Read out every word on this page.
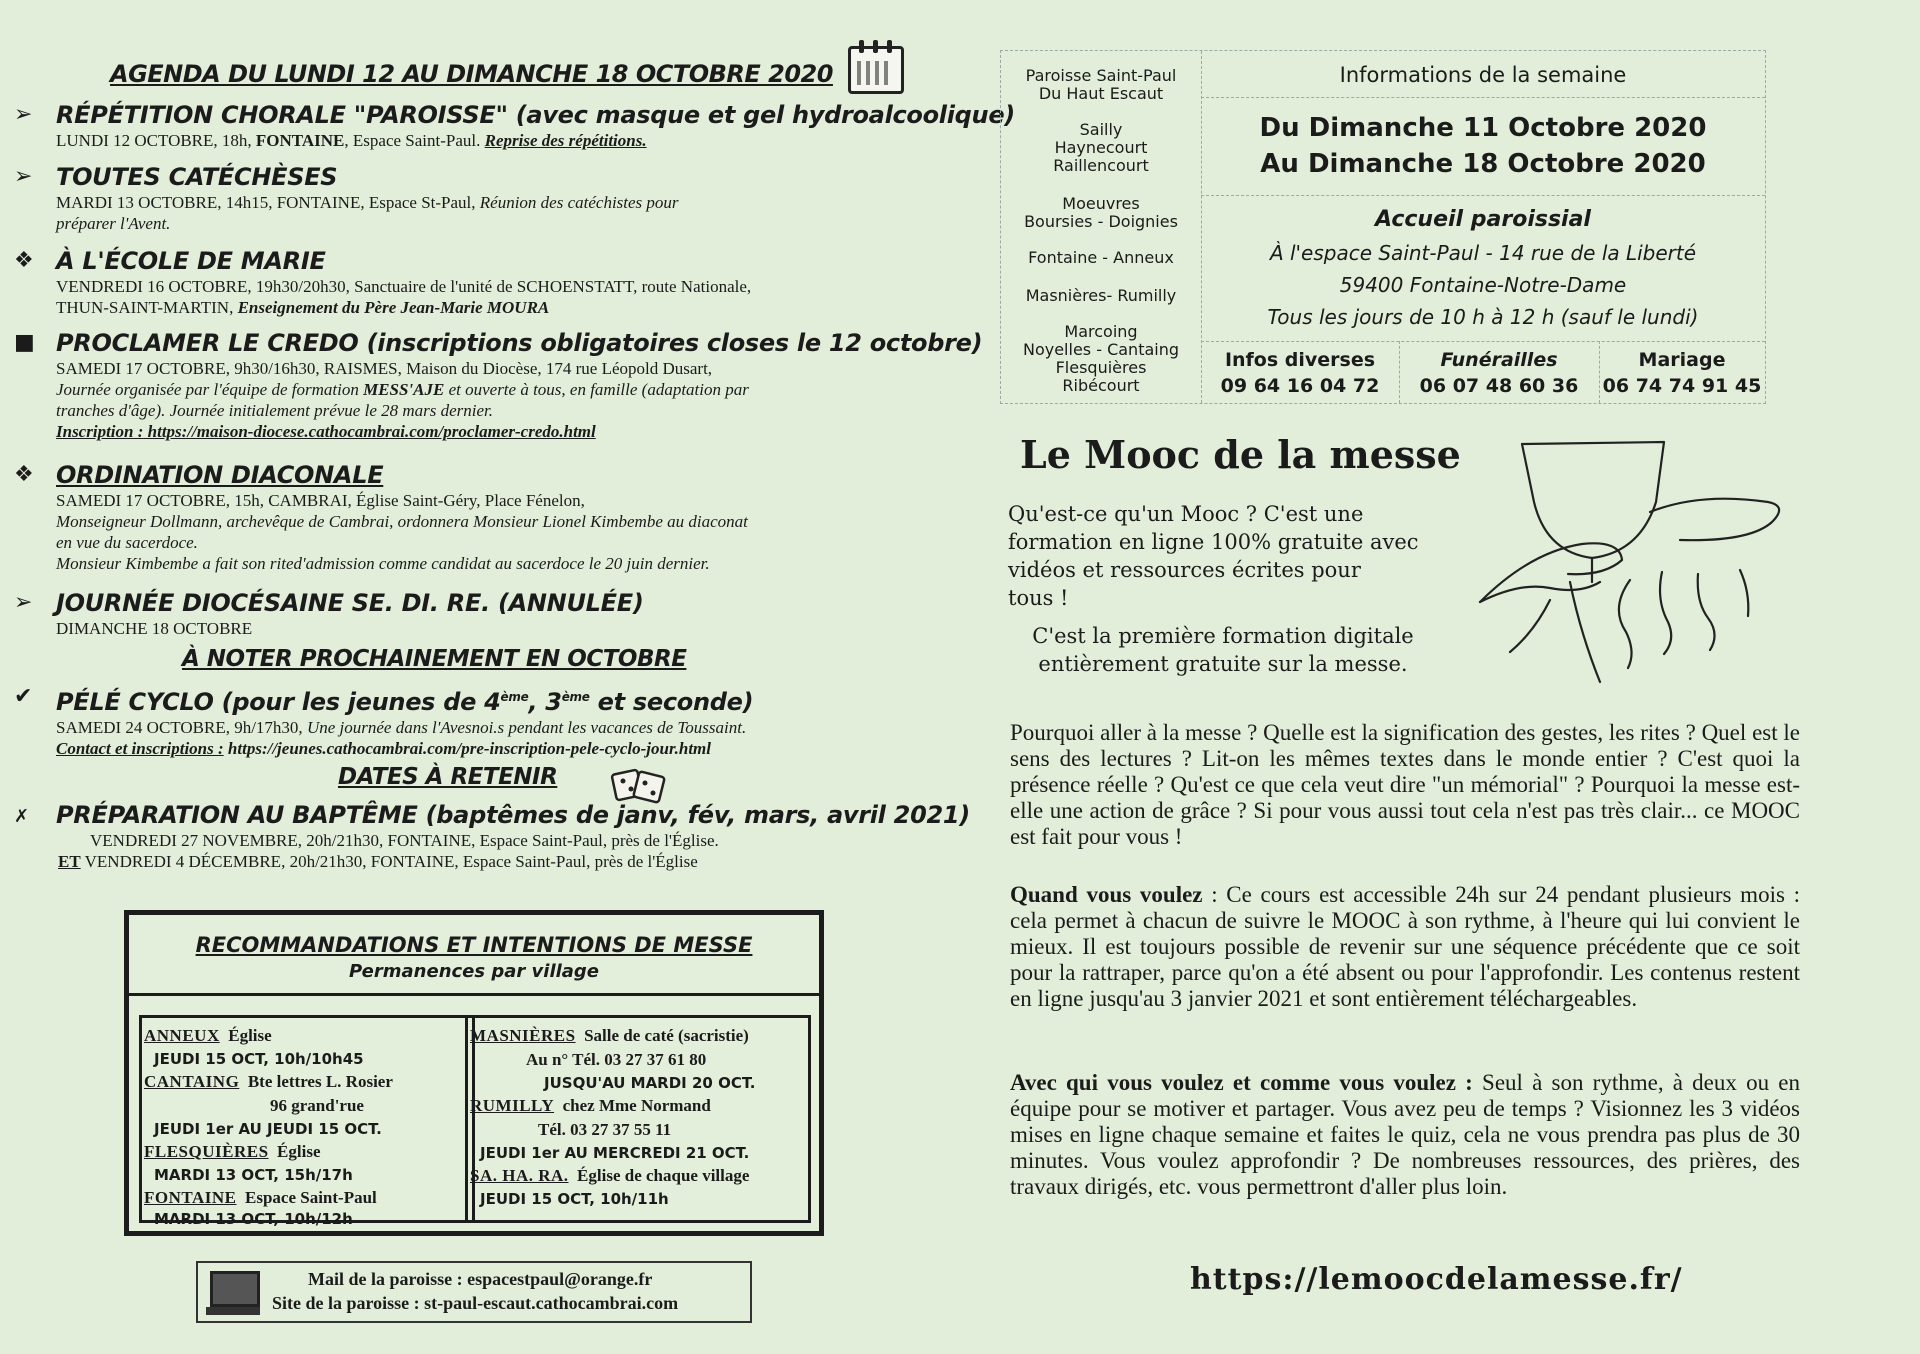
AGENDA DU LUNDI 12 AU DIMANCHE 18 OCTOBRE 2020
➢ RÉPÉTITION CHORALE "PAROISSE" (avec masque et gel hydroalcoolique)
LUNDI 12 OCTOBRE, 18h, FONTAINE, Espace Saint-Paul. Reprise des répétitions.
➢ TOUTES CATÉCHÈSES
MARDI 13 OCTOBRE, 14h15, FONTAINE, Espace St-Paul, Réunion des catéchistes pour
préparer l'Avent.
❖ À L'ÉCOLE DE MARIE
VENDREDI 16 OCTOBRE, 19h30/20h30, Sanctuaire de l'unité de SCHOENSTATT, route Nationale,
THUN-SAINT-MARTIN, Enseignement du Père Jean-Marie MOURA
■ PROCLAMER LE CREDO (inscriptions obligatoires closes le 12 octobre)
SAMEDI 17 OCTOBRE, 9h30/16h30, RAISMES, Maison du Diocèse, 174 rue Léopold Dusart,
Journée organisée par l'équipe de formation MESS'AJE et ouverte à tous, en famille (adaptation par
tranches d'âge). Journée initialement prévue le 28 mars dernier.
Inscription : https://maison-diocese.cathocambrai.com/proclamer-credo.html
❖ ORDINATION DIACONALE
SAMEDI 17 OCTOBRE, 15h, CAMBRAI, Église Saint-Géry, Place Fénelon,
Monseigneur Dollmann, archevêque de Cambrai, ordonnera Monsieur Lionel Kimbembe au diaconat
en vue du sacerdoce.
Monsieur Kimbembe a fait son rited'admission comme candidat au sacerdoce le 20 juin dernier.
➢ JOURNÉE DIOCÉSAINE SE. DI. RE. (ANNULÉE)
DIMANCHE 18 OCTOBRE
À NOTER PROCHAINEMENT EN OCTOBRE
✔ PÉLÉ CYCLO (pour les jeunes de 4ème, 3ème et seconde)
SAMEDI 24 OCTOBRE, 9h/17h30, Une journée dans l'Avesnoi.s pendant les vacances de Toussaint.
Contact et inscriptions : https://jeunes.cathocambrai.com/pre-inscription-pele-cyclo-jour.html
DATES À RETENIR
✗	PRÉPARATION AU BAPTÊME (baptêmes de janv, fév, mars, avril 2021)
VENDREDI 27 NOVEMBRE, 20h/21h30, FONTAINE, Espace Saint-Paul, près de l'Église.
ET VENDREDI 4 DÉCEMBRE, 20h/21h30, FONTAINE, Espace Saint-Paul, près de l'Église
RECOMMANDATIONS ET INTENTIONS DE MESSE
Permanences par village
ANNEUX Église
JEUDI 15 OCT, 10h/10h45
CANTAING Bte lettres L. Rosier
96 grand'rue
JEUDI 1er AU JEUDI 15 OCT.
FLESQUIÈRES Église
MARDI 13 OCT, 15h/17h
FONTAINE Espace Saint-Paul
MARDI 13 OCT, 10h/12h
MASNIÈRES Salle de caté (sacristie)
Au n° Tél. 03 27 37 61 80
JUSQU'AU MARDI 20 OCT.
RUMILLY chez Mme Normand
Tél. 03 27 37 55 11
JEUDI 1er AU MERCREDI 21 OCT.
SA. HA. RA. Église de chaque village
JEUDI 15 OCT, 10h/11h
Mail de la paroisse : espacestpaul@orange.fr
Site de la paroisse : st-paul-escaut.cathocambrai.com
Paroisse Saint-Paul
Du Haut Escaut
Sailly
Haynecourt
Raillencourt
Moeuvres
Boursies - Doignies
Fontaine - Anneux
Masnières- Rumilly
Marcoing
Noyelles - Cantaing
Flesquières
Ribécourt
Informations de la semaine
Du Dimanche 11 Octobre 2020
Au Dimanche 18 Octobre 2020
Accueil paroissial
À l'espace Saint-Paul - 14 rue de la Liberté
59400 Fontaine-Notre-Dame
Tous les jours de 10 h à 12 h (sauf le lundi)
Infos diverses
09 64 16 04 72
Funérailles
06 07 48 60 36
Mariage
06 74 74 91 45
Le Mooc de la messe
Qu'est-ce qu'un Mooc ? C'est une
formation en ligne 100% gratuite avec
vidéos et ressources écrites pour
tous !
C'est la première formation digitale
entièrement gratuite sur la messe.
Pourquoi aller à la messe ? Quelle est la signification des gestes, les rites ? Quel est le sens des lectures ? Lit-on les mêmes textes dans le monde entier ? C'est quoi la présence réelle ? Qu'est ce que cela veut dire "un mémorial" ? Pourquoi la messe est-elle une action de grâce ? Si pour vous aussi tout cela n'est pas très clair... ce MOOC est fait pour vous !
Quand vous voulez : Ce cours est accessible 24h sur 24 pendant plusieurs mois : cela permet à chacun de suivre le MOOC à son rythme, à l'heure qui lui convient le mieux. Il est toujours possible de revenir sur une séquence précédente que ce soit pour la rattraper, parce qu'on a été absent ou pour l'approfondir. Les contenus restent en ligne jusqu'au 3 janvier 2021 et sont entièrement téléchargeables.
Avec qui vous voulez et comme vous voulez : Seul à son rythme, à deux ou en équipe pour se motiver et partager. Vous avez peu de temps ? Visionnez les 3 vidéos mises en ligne chaque semaine et faites le quiz, cela ne vous prendra pas plus de 30 minutes. Vous voulez approfondir ? De nombreuses ressources, des prières, des travaux dirigés, etc. vous permettront d'aller plus loin.
https://lemoocdelamesse.fr/
